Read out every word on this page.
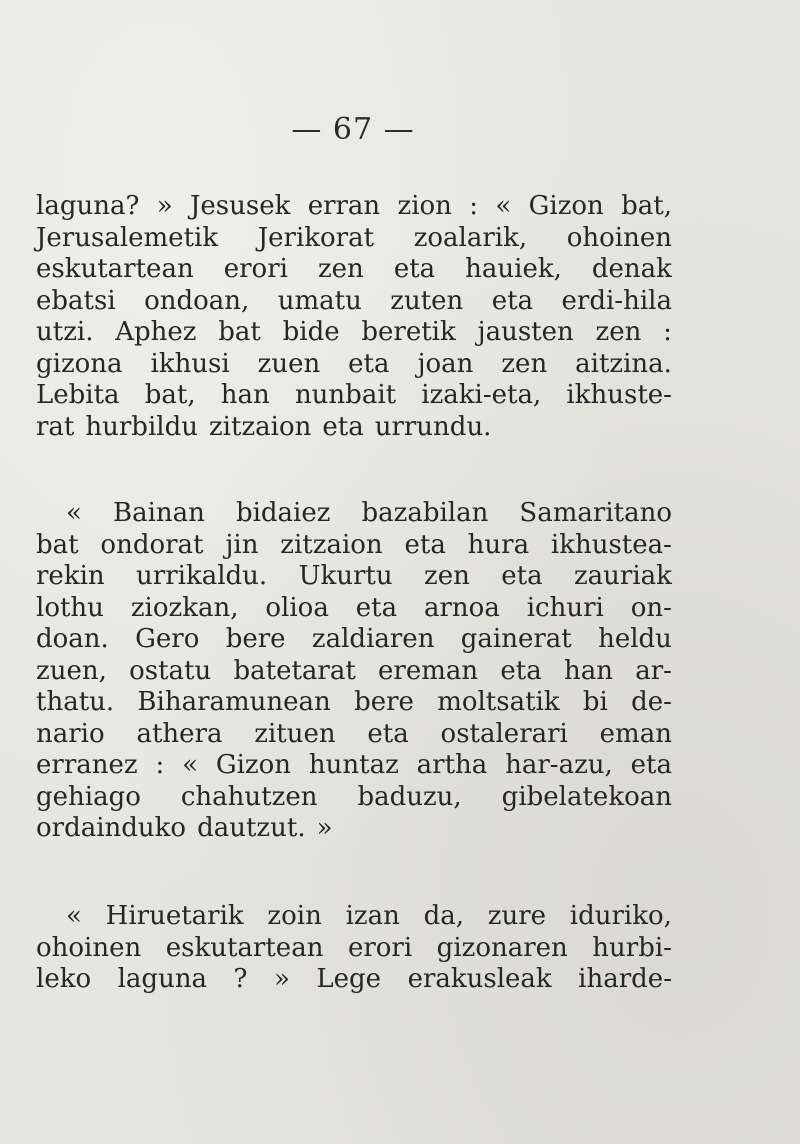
— 67 —
laguna? » Jesusek erran zion : « Gizon bat,
Jerusalemetik Jerikorat zoalarik, ohoinen
eskutartean erori zen eta hauiek, denak
ebatsi ondoan, umatu zuten eta erdi-hila
utzi. Aphez bat bide beretik jausten zen :
gizona ikhusi zuen eta joan zen aitzina.
Lebita bat, han nunbait izaki-eta, ikhuste-
rat hurbildu zitzaion eta urrundu.
« Bainan bidaiez bazabilan Samaritano
bat ondorat jin zitzaion eta hura ikhustea-
rekin urrikaldu. Ukurtu zen eta zauriak
lothu ziozkan, olioa eta arnoa ichuri on-
doan. Gero bere zaldiaren gainerat heldu
zuen, ostatu batetarat ereman eta han ar-
thatu. Biharamunean bere moltsatik bi de-
nario athera zituen eta ostalerari eman
erranez : « Gizon huntaz artha har-azu, eta
gehiago chahutzen baduzu, gibelatekoan
ordainduko dautzut. »
« Hiruetarik zoin izan da, zure iduriko,
ohoinen eskutartean erori gizonaren hurbi-
leko laguna ? » Lege erakusleak iharde-
